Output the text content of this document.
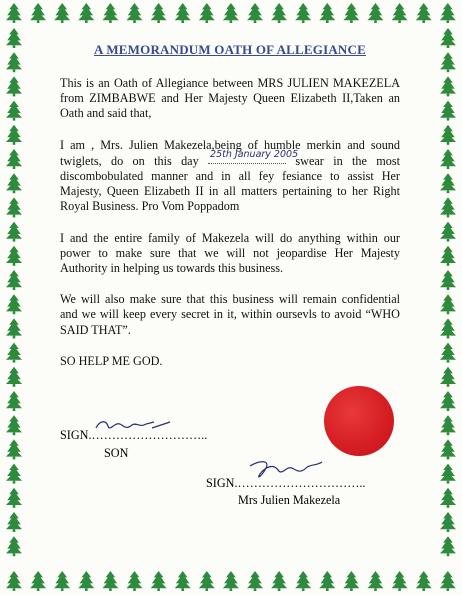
A MEMORANDUM OATH OF ALLEGIANCE

This is an Oath of Allegiance between MRS JULIEN MAKEZELA from ZIMBABWE and Her Majesty Queen Elizabeth II,Taken an Oath and said that,

I am , Mrs. Julien Makezela,being of humble merkin and sound twiglets, do on this day 25th January 2005
swear in the most discombobulated manner and in all fey fesiance to assist Her Majesty, Queen Elizabeth II in all matters pertaining to her Right Royal Business. Pro Vom Poppadom

I and the entire family of Makezela will do anything within our power to make sure that we will not jeopardise Her Majesty Authority in helping us towards this business.

We will also make sure that this business will remain confidential and we will keep every secret in it, within oursevls to avoid “WHO SAID THAT”.

SO HELP ME GOD.

SIGN.………………………..
SON
SIGN.…………………………..
Mrs Julien Makezela
